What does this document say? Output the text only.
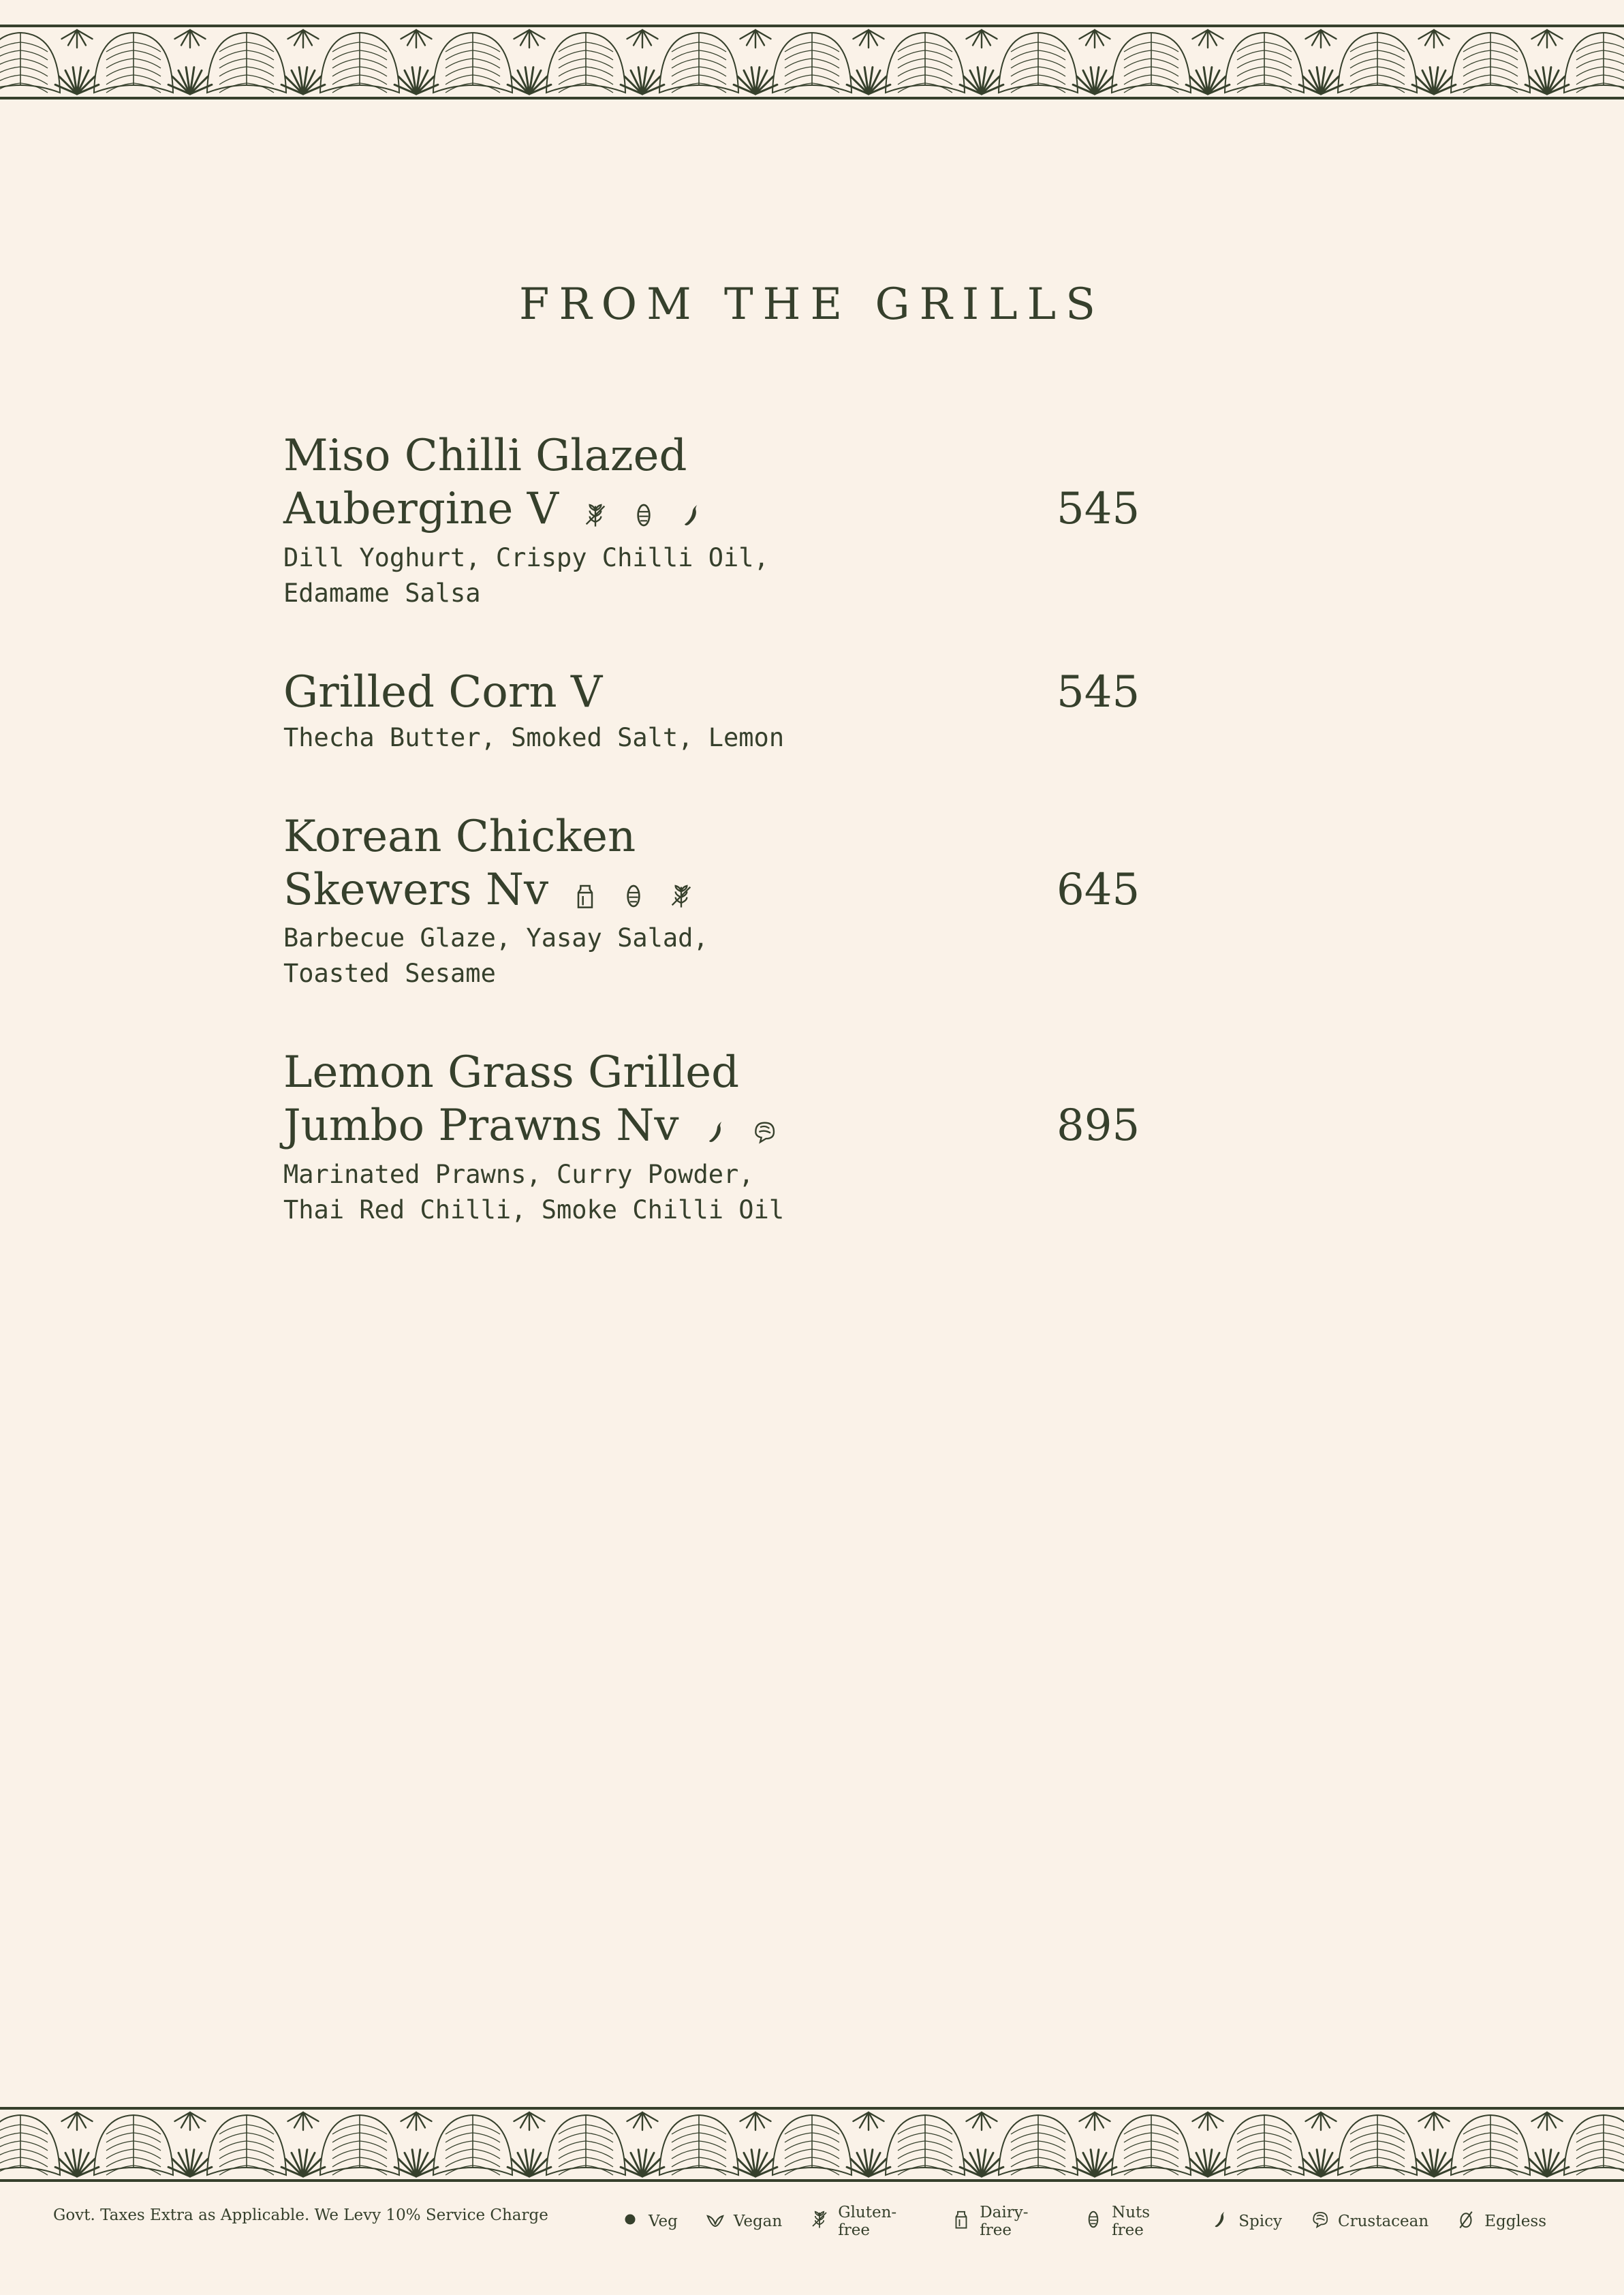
FROM THE GRILLS
Miso Chilli Glazed
Aubergine V	545
Dill Yoghurt, Crispy Chilli Oil,
Edamame Salsa
Grilled Corn V	545
Thecha Butter, Smoked Salt, Lemon
Korean Chicken
Skewers Nv	645
Barbecue Glaze, Yasay Salad,
Toasted Sesame
Lemon Grass Grilled
Jumbo Prawns Nv	895
Marinated Prawns, Curry Powder,
Thai Red Chilli, Smoke Chilli Oil
Govt. Taxes Extra as Applicable. We Levy 10% Service Charge	Veg	Vegan	Gluten-free
Dairy-free
Nuts free	Spicy	Crustacean	Eggless
